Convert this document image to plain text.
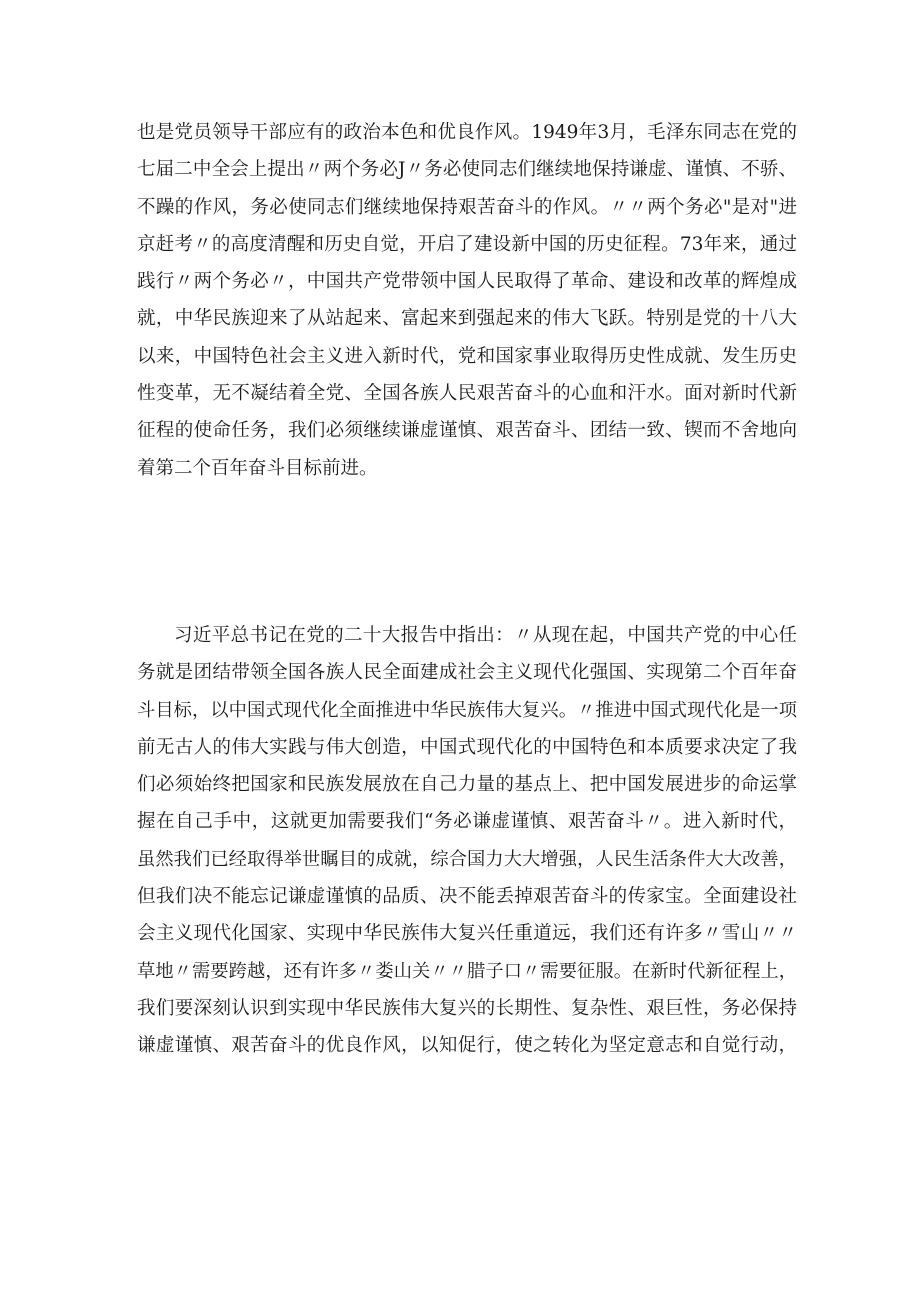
也是党员领导干部应有的政治本色和优良作风。1949年3月，毛泽东同志在党的
七届二中全会上提出〃两个务必J〃务必使同志们继续地保持谦虚、谨慎、不骄、
不躁的作风，务必使同志们继续地保持艰苦奋斗的作风。〃〃两个务必"是对"进
京赶考〃的高度清醒和历史自觉，开启了建设新中国的历史征程。73年来，通过
践行〃两个务必〃，中国共产党带领中国人民取得了革命、建设和改革的辉煌成
就，中华民族迎来了从站起来、富起来到强起来的伟大飞跃。特别是党的十八大
以来，中国特色社会主义进入新时代，党和国家事业取得历史性成就、发生历史
性变革，无不凝结着全党、全国各族人民艰苦奋斗的心血和汗水。面对新时代新
征程的使命任务，我们必须继续谦虚谨慎、艰苦奋斗、团结一致、锲而不舍地向
着第二个百年奋斗目标前进。
习近平总书记在党的二十大报告中指出：〃从现在起，中国共产党的中心任
务就是团结带领全国各族人民全面建成社会主义现代化强国、实现第二个百年奋
斗目标，以中国式现代化全面推进中华民族伟大复兴。〃推进中国式现代化是一项
前无古人的伟大实践与伟大创造，中国式现代化的中国特色和本质要求决定了我
们必须始终把国家和民族发展放在自己力量的基点上、把中国发展进步的命运掌
握在自己手中，这就更加需要我们“务必谦虚谨慎、艰苦奋斗〃。进入新时代，
虽然我们已经取得举世瞩目的成就，综合国力大大增强，人民生活条件大大改善，
但我们决不能忘记谦虚谨慎的品质、决不能丢掉艰苦奋斗的传家宝。全面建设社
会主义现代化国家、实现中华民族伟大复兴任重道远，我们还有许多〃雪山〃〃
草地〃需要跨越，还有许多〃娄山关〃〃腊子口〃需要征服。在新时代新征程上，
我们要深刻认识到实现中华民族伟大复兴的长期性、复杂性、艰巨性，务必保持
谦虚谨慎、艰苦奋斗的优良作风，以知促行，使之转化为坚定意志和自觉行动，
